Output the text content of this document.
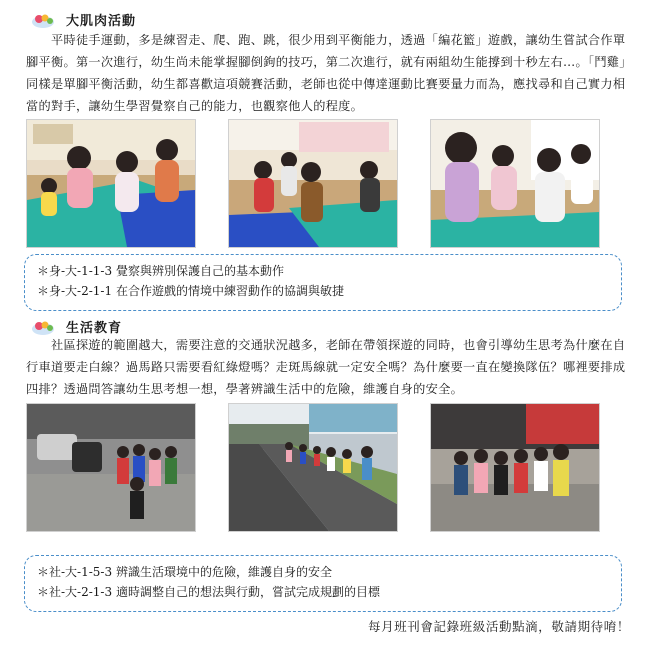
大肌肉活動
　　平時徒手運動，多是練習走、爬、跑、跳，很少用到平衡能力，透過「編花籃」遊戲，讓幼生嘗試合作單腳平衡。第一次進行，幼生尚未能掌握腳倒鉤的技巧，第二次進行，就有兩組幼生能撐到十秒左右…。「鬥雞」同樣是單腳平衡活動，幼生都喜歡這項競賽活動，老師也從中傳達運動比賽要量力而為，應找尋和自己實力相當的對手，讓幼生學習覺察自己的能力，也觀察他人的程度。
＊身-大-1-1-3 覺察與辨別保護自己的基本動作
＊身-大-2-1-1 在合作遊戲的情境中練習動作的協調與敏捷
生活教育
　　社區探遊的範圍越大，需要注意的交通狀況越多，老師在帶領探遊的同時，也會引導幼生思考為什麼在自行車道要走白線？過馬路只需要看紅綠燈嗎？走斑馬線就一定安全嗎？為什麼要一直在變換隊伍？哪裡要排成四排？透過問答讓幼生思考想一想，學著辨識生活中的危險，維護自身的安全。
＊社-大-1-5-3 辨識生活環境中的危險，維護自身的安全
＊社-大-2-1-3 適時調整自己的想法與行動，嘗試完成規劃的目標
每月班刊會記錄班級活動點滴，敬請期待唷！
